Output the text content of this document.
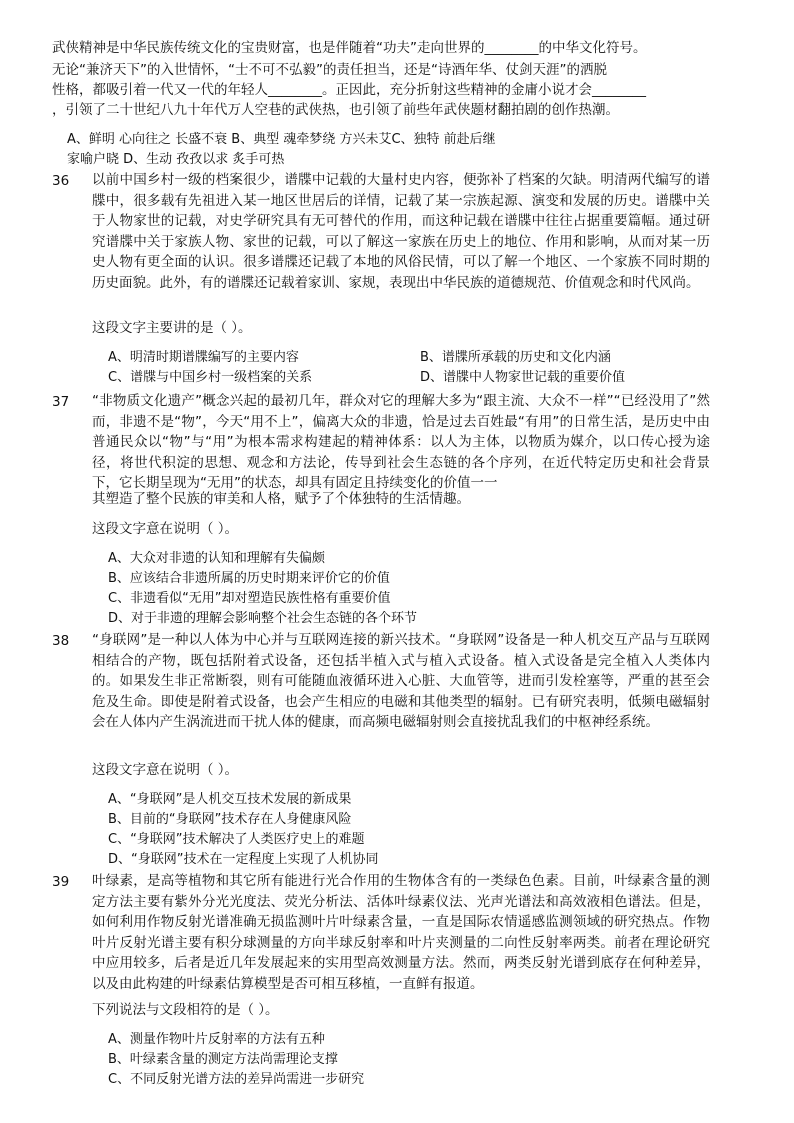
武侠精神是中华民族传统文化的宝贵财富，也是伴随着“功夫”走向世界的________的中华文化符号。
无论“兼济天下”的入世情怀，“士不可不弘毅”的责任担当，还是“诗酒年华、仗剑天涯”的洒脱
性格，都吸引着一代又一代的年轻人________。正因此，充分折射这些精神的金庸小说才会________
，引领了二十世纪八九十年代万人空巷的武侠热，也引领了前些年武侠题材翻拍剧的创作热潮。
A、鲜明 心向往之 长盛不衰 B、典型 魂牵梦绕 方兴未艾C、独特 前赴后继
家喻户晓 D、生动 孜孜以求 炙手可热
36 以前中国乡村一级的档案很少，谱牒中记载的大量村史内容，便弥补了档案的欠缺。明清两代编写的谱牒中，很多载有先祖进入某一地区世居后的详情，记载了某一宗族起源、演变和发展的历史。谱牒中关于人物家世的记载，对史学研究具有无可替代的作用，而这种记载在谱牒中往往占据重要篇幅。通过研究谱牒中关于家族人物、家世的记载，可以了解这一家族在历史上的地位、作用和影响，从而对某一历史人物有更全面的认识。很多谱牒还记载了本地的风俗民情，可以了解一个地区、一个家族不同时期的历史面貌。此外，有的谱牒还记载着家训、家规，表现出中华民族的道德规范、价值观念和时代风尚。
这段文字主要讲的是（ ）。
A、明清时期谱牒编写的主要内容	B、谱牒所承载的历史和文化内涵
C、谱牒与中国乡村一级档案的关系	D、谱牒中人物家世记载的重要价值
37 “非物质文化遗产”概念兴起的最初几年，群众对它的理解大多为“跟主流、大众不一样”“已经没用了”然而，非遗不是“物”，今天“用不上”，偏离大众的非遗，恰是过去百姓最“有用”的日常生活，是历史中由普通民众以“物”与“用”为根本需求构建起的精神体系：以人为主体，以物质为媒介，以口传心授为途径，将世代积淀的思想、观念和方法论，传导到社会生态链的各个序列，在近代特定历史和社会背景下，它长期呈现为“无用”的状态，却具有固定且持续变化的价值一一
其塑造了整个民族的审美和人格，赋予了个体独特的生活情趣。
这段文字意在说明（ ）。
A、大众对非遗的认知和理解有失偏颇
B、应该结合非遗所属的历史时期来评价它的价值
C、非遗看似“无用”却对塑造民族性格有重要价值
D、对于非遗的理解会影响整个社会生态链的各个环节
38 “身联网”是一种以人体为中心并与互联网连接的新兴技术。“身联网”设备是一种人机交互产品与互联网相结合的产物，既包括附着式设备，还包括半植入式与植入式设备。植入式设备是完全植入人类体内的。如果发生非正常断裂，则有可能随血液循环进入心脏、大血管等，进而引发栓塞等，严重的甚至会危及生命。即使是附着式设备，也会产生相应的电磁和其他类型的辐射。已有研究表明，低频电磁辐射会在人体内产生涡流进而干扰人体的健康，而高频电磁辐射则会直接扰乱我们的中枢神经系统。
这段文字意在说明（ ）。
A、“身联网”是人机交互技术发展的新成果
B、目前的“身联网”技术存在人身健康风险
C、“身联网”技术解决了人类医疗史上的难题
D、“身联网”技术在一定程度上实现了人机协同
39 叶绿素，是高等植物和其它所有能进行光合作用的生物体含有的一类绿色色素。目前，叶绿素含量的测定方法主要有紫外分光光度法、荧光分析法、活体叶绿素仪法、光声光谱法和高效液相色谱法。但是，如何利用作物反射光谱准确无损监测叶片叶绿素含量，一直是国际农情遥感监测领域的研究热点。作物叶片反射光谱主要有积分球测量的方向半球反射率和叶片夹测量的二向性反射率两类。前者在理论研究中应用较多，后者是近几年发展起来的实用型高效测量方法。然而，两类反射光谱到底存在何种差异，以及由此构建的叶绿素估算模型是否可相互移植，一直鲜有报道。
下列说法与文段相符的是（ ）。
A、测量作物叶片反射率的方法有五种
B、叶绿素含量的测定方法尚需理论支撑
C、不同反射光谱方法的差异尚需进一步研究
